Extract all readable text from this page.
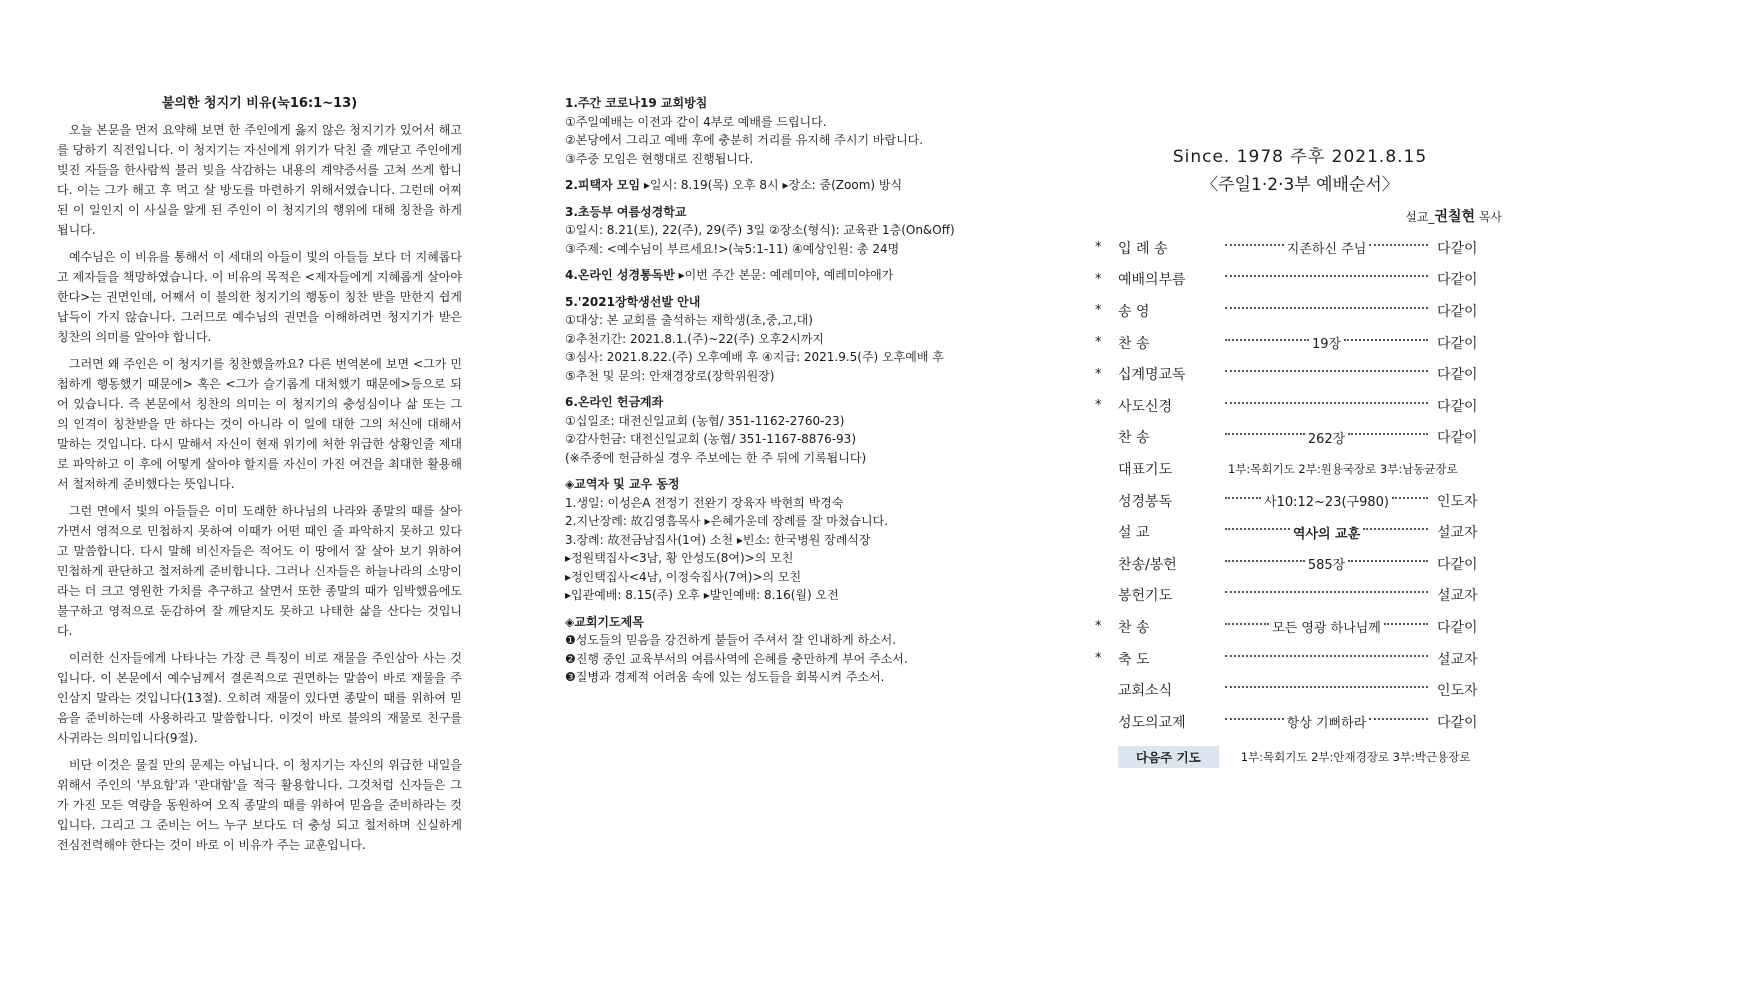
불의한 청지기 비유(눅16:1~13)
오늘 본문을 먼저 요약해 보면 한 주인에게 옳지 않은 청지기가 있어서 해고를 당하기 직전입니다. 이 청지기는 자신에게 위기가 닥친 줄 깨닫고 주인에게 빚진 자들을 한사람씩 불러 빚을 삭감하는 내용의 계약증서를 고쳐 쓰게 합니다. 이는 그가 해고 후 먹고 살 방도를 마련하기 위해서였습니다. 그런데 어찌된 이 일인지 이 사실을 알게 된 주인이 이 청지기의 행위에 대해 칭찬을 하게 됩니다.
예수님은 이 비유를 통해서 이 세대의 아들이 빛의 아들들 보다 더 지혜롭다고 제자들을 책망하였습니다. 이 비유의 목적은 <제자들에게 지혜롭게 살아야 한다>는 권면인데, 어째서 이 불의한 청지기의 행동이 칭찬 받을 만한지 쉽게 납득이 가지 않습니다. 그러므로 예수님의 권면을 이해하려면 청지기가 받은 칭찬의 의미를 알아야 합니다.
그러면 왜 주인은 이 청지기를 칭찬했을까요? 다른 번역본에 보면 <그가 민첩하게 행동했기 때문에> 혹은 <그가 슬기롭게 대처했기 때문에>등으로 되어 있습니다. 즉 본문에서 칭찬의 의미는 이 청지기의 충성심이나 삶 또는 그의 인격이 칭찬받을 만 하다는 것이 아니라 이 일에 대한 그의 처신에 대해서 말하는 것입니다. 다시 말해서 자신이 현재 위기에 처한 위급한 상황인줄 제대로 파악하고 이 후에 어떻게 살아야 할지를 자신이 가진 여건을 최대한 활용해서 철저하게 준비했다는 뜻입니다.
그런 면에서 빛의 아들들은 이미 도래한 하나님의 나라와 종말의 때를 살아가면서 영적으로 민첩하지 못하여 이때가 어떤 때인 줄 파악하지 못하고 있다고 말씀합니다. 다시 말해 비신자들은 적어도 이 땅에서 잘 살아 보기 위하여 민첩하게 판단하고 철저하게 준비합니다. 그러나 신자들은 하늘나라의 소망이라는 더 크고 영원한 가치를 추구하고 살면서 또한 종말의 때가 임박했음에도 불구하고 영적으로 둔감하여 잘 깨닫지도 못하고 나태한 삶을 산다는 것입니다.
이러한 신자들에게 나타나는 가장 큰 특징이 비로 재물을 주인삼아 사는 것입니다. 이 본문에서 예수님께서 결론적으로 권면하는 말씀이 바로 재물을 주인삼지 말라는 것입니다(13절). 오히려 재물이 있다면 종말이 때를 위하여 믿음을 준비하는데 사용하라고 말씀합니다. 이것이 바로 불의의 재물로 친구를 사귀라는 의미입니다(9절).
비단 이것은 물질 만의 문제는 아닙니다. 이 청지기는 자신의 위급한 내일을 위해서 주인의 '부요함'과 '관대함'을 적극 활용합니다. 그것처럼 신자들은 그가 가진 모든 역량을 동원하여 오직 종말의 때를 위하여 믿음을 준비하라는 것입니다. 그리고 그 준비는 어느 누구 보다도 더 충성 되고 철저하며 신실하게 전심전력해야 한다는 것이 바로 이 비유가 주는 교훈입니다.
1.주간 코로나19 교회방침
①주일예배는 이전과 같이 4부로 예배를 드립니다.
②본당에서 그리고 예배 후에 충분히 거리를 유지해 주시기 바랍니다.
③주중 모임은 현행대로 진행됩니다.
2.피택자 모임 ▸일시: 8.19(목) 오후 8시 ▸장소: 줌(Zoom) 방식
3.초등부 여름성경학교
①일시: 8.21(토), 22(주), 29(주) 3일 ②장소(형식): 교육관 1층(On&Off)
③주제: <예수님이 부르세요!>(눅5:1-11) ④예상인원: 총 24명
4.온라인 성경통독반 ▸이번 주간 본문: 예레미야, 예레미야애가
5.'2021장학생선발 안내
①대상: 본 교회를 출석하는 재학생(초,중,고,대)
②추천기간: 2021.8.1.(주)~22(주) 오후2시까지
③심사: 2021.8.22.(주) 오후예배 후 ④지급: 2021.9.5(주) 오후예배 후
⑤추천 및 문의: 안재경장로(장학위원장)
6.온라인 헌금계좌
①십일조: 대전신일교회 (농협/ 351-1162-2760-23)
②감사헌금: 대전신일교회 (농협/ 351-1167-8876-93)
(※주중에 헌금하실 경우 주보에는 한 주 뒤에 기록됩니다)
◈교역자 및 교우 동정
1.생일: 이성은A 전정기 전완기 장육자 박현희 박경숙
2.지난장례: 故김영흠목사 ▸은혜가운데 장례를 잘 마쳤습니다.
3.장례: 故전금남집사(1여) 소천 ▸빈소: 한국병원 장례식장
▸정원택집사<3남, 황 안성도(8여)>의 모친
▸정인택집사<4남, 이정숙집사(7여)>의 모친
▸입관예배: 8.15(주) 오후 ▸발인예배: 8.16(월) 오전
◈교회기도제목
❶성도들의 믿음을 강건하게 붙들어 주셔서 잘 인내하게 하소서.
❷진행 중인 교육부서의 여름사역에 은혜를 충만하게 부어 주소서.
❸질병과 경제적 어려움 속에 있는 성도들을 회복시켜 주소서.
Since. 1978 주후 2021.8.15
〈주일1·2·3부 예배순서〉
설교_권칠현 목사
*	입 례 송	지존하신 주님	다같이
*	예배의부름	다같이
*	송 영	다같이
*	찬 송	19장	다같이
*	십계명교독	다같이
*	사도신경	다같이
찬 송	262장	다같이
대표기도	1부:목회기도 2부:원용국장로 3부:남동균장로
성경봉독	사10:12~23(구980)	인도자
설 교	역사의 교훈	설교자
찬송/봉헌	585장	다같이
봉헌기도	설교자
*	찬 송	모든 영광 하나님께	다같이
*	축 도	설교자
교회소식	인도자
성도의교제	항상 기뻐하라	다같이
다음주 기도	1부:목회기도 2부:안재경장로 3부:박근용장로
